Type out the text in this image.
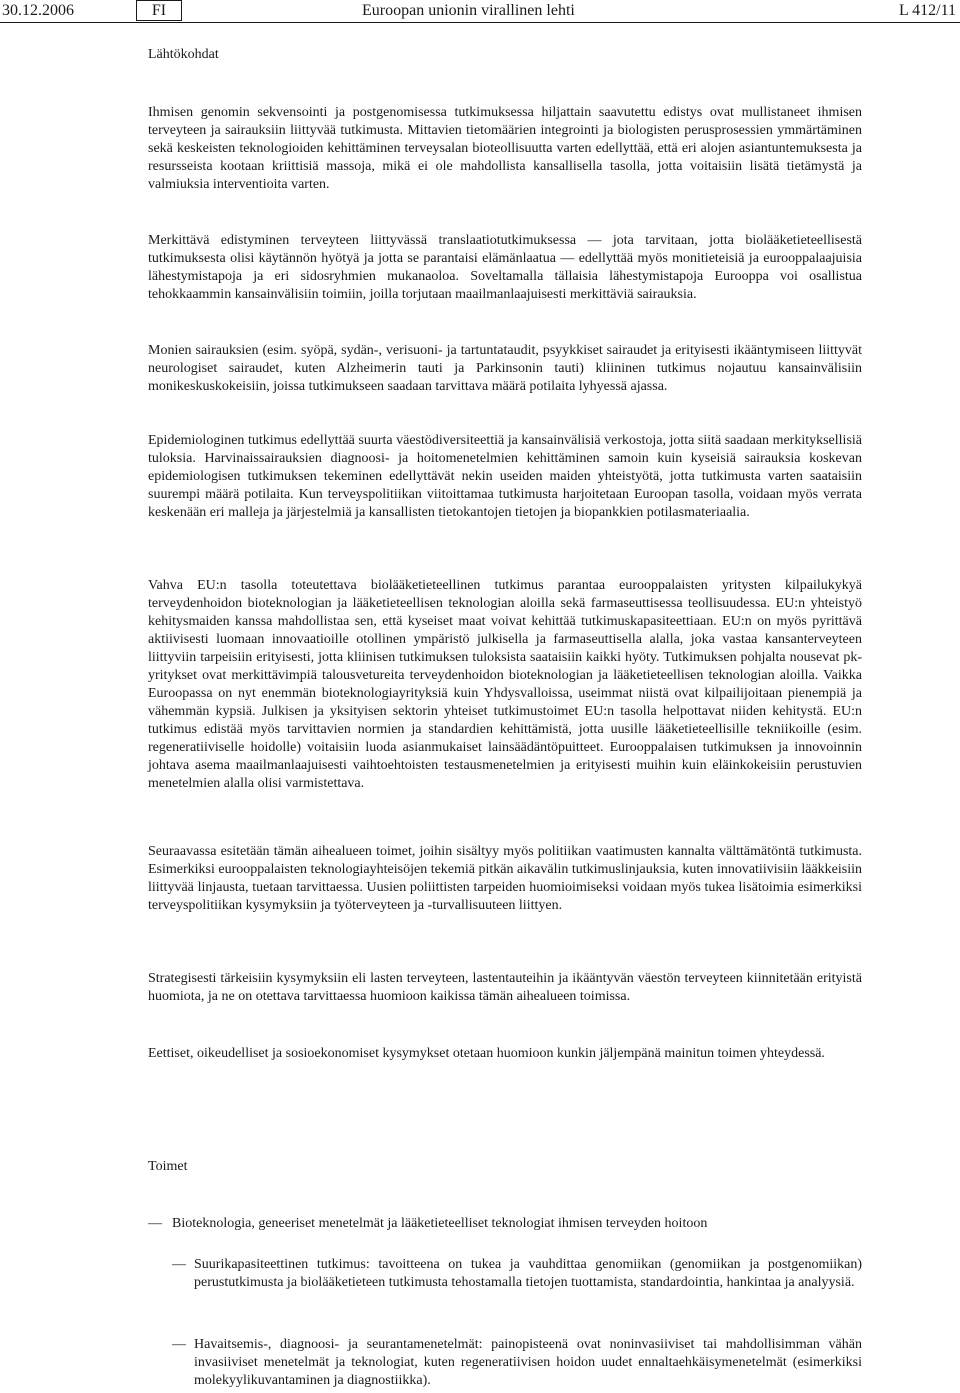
30.12.2006	FI	Euroopan unionin virallinen lehti	L 412/11

Lähtökohdat

Ihmisen genomin sekvensointi ja postgenomisessa tutkimuksessa hiljattain saavutettu edistys ovat mullistaneet ihmisen terveyteen ja sairauksiin liittyvää tutkimusta. Mittavien tietomäärien integrointi ja biologisten perusprosessien ymmärtäminen sekä keskeisten teknologioiden kehittäminen terveysalan bioteollisuutta varten edellyttää, että eri alojen asiantuntemuksesta ja resursseista kootaan kriittisiä massoja, mikä ei ole mahdollista kansallisella tasolla, jotta voitaisiin lisätä tietämystä ja valmiuksia interventioita varten.

Merkittävä edistyminen terveyteen liittyvässä translaatiotutkimuksessa — jota tarvitaan, jotta biolääketieteellisestä tutkimuksesta olisi käytännön hyötyä ja jotta se parantaisi elämänlaatua — edellyttää myös monitieteisiä ja eurooppalaajuisia lähestymistapoja ja eri sidosryhmien mukanaoloa. Soveltamalla tällaisia lähestymistapoja Eurooppa voi osallistua tehokkaammin kansainvälisiin toimiin, joilla torjutaan maailmanlaajuisesti merkittäviä sairauksia.

Monien sairauksien (esim. syöpä, sydän-, verisuoni- ja tartuntataudit, psyykkiset sairaudet ja erityisesti ikääntymiseen liittyvät neurologiset sairaudet, kuten Alzheimerin tauti ja Parkinsonin tauti) kliininen tutkimus nojautuu kansainvälisiin monikeskuskokeisiin, joissa tutkimukseen saadaan tarvittava määrä potilaita lyhyessä ajassa.

Epidemiologinen tutkimus edellyttää suurta väestödiversiteettiä ja kansainvälisiä verkostoja, jotta siitä saadaan merkityksellisiä tuloksia. Harvinaissairauksien diagnoosi- ja hoitomenetelmien kehittäminen samoin kuin kyseisiä sairauksia koskevan epidemiologisen tutkimuksen tekeminen edellyttävät nekin useiden maiden yhteistyötä, jotta tutkimusta varten saataisiin suurempi määrä potilaita. Kun terveyspolitiikan viitoittamaa tutkimusta harjoitetaan Euroopan tasolla, voidaan myös verrata keskenään eri malleja ja järjestelmiä ja kansallisten tietokantojen tietojen ja biopankkien potilasmateriaalia.

Vahva EU:n tasolla toteutettava biolääketieteellinen tutkimus parantaa eurooppalaisten yritysten kilpailukykyä terveydenhoidon bioteknologian ja lääketieteellisen teknologian aloilla sekä farmaseuttisessa teollisuudessa. EU:n yhteistyö kehitysmaiden kanssa mahdollistaa sen, että kyseiset maat voivat kehittää tutkimuskapasiteettiaan. EU:n on myös pyrittävä aktiivisesti luomaan innovaatioille otollinen ympäristö julkisella ja farmaseuttisella alalla, joka vastaa kansanterveyteen liittyviin tarpeisiin erityisesti, jotta kliinisen tutkimuksen tuloksista saataisiin kaikki hyöty. Tutkimuksen pohjalta nousevat pk-yritykset ovat merkittävimpiä talousvetureita terveydenhoidon bioteknologian ja lääketieteellisen teknologian aloilla. Vaikka Euroopassa on nyt enemmän bioteknologiayrityksiä kuin Yhdysvalloissa, useimmat niistä ovat kilpailijoitaan pienempiä ja vähemmän kypsiä. Julkisen ja yksityisen sektorin yhteiset tutkimustoimet EU:n tasolla helpottavat niiden kehitystä. EU:n tutkimus edistää myös tarvittavien normien ja standardien kehittämistä, jotta uusille lääketieteellisille tekniikoille (esim. regeneratiiviselle hoidolle) voitaisiin luoda asianmukaiset lainsäädäntöpuitteet. Eurooppalaisen tutkimuksen ja innovoinnin johtava asema maailmanlaajuisesti vaihtoehtoisten testausmenetelmien ja erityisesti muihin kuin eläinkokeisiin perustuvien menetelmien alalla olisi varmistettava.

Seuraavassa esitetään tämän aihealueen toimet, joihin sisältyy myös politiikan vaatimusten kannalta välttämätöntä tutkimusta. Esimerkiksi eurooppalaisten teknologiayhteisöjen tekemiä pitkän aikavälin tutkimuslinjauksia, kuten innovatiivisiin lääkkeisiin liittyvää linjausta, tuetaan tarvittaessa. Uusien poliittisten tarpeiden huomioimiseksi voidaan myös tukea lisätoimia esimerkiksi terveyspolitiikan kysymyksiin ja työterveyteen ja -turvallisuuteen liittyen.

Strategisesti tärkeisiin kysymyksiin eli lasten terveyteen, lastentauteihin ja ikääntyvän väestön terveyteen kiinnitetään erityistä huomiota, ja ne on otettava tarvittaessa huomioon kaikissa tämän aihealueen toimissa.

Eettiset, oikeudelliset ja sosioekonomiset kysymykset otetaan huomioon kunkin jäljempänä mainitun toimen yhteydessä.

Toimet

— Bioteknologia, geneeriset menetelmät ja lääketieteelliset teknologiat ihmisen terveyden hoitoon
— Suurikapasiteettinen tutkimus: tavoitteena on tukea ja vauhdittaa genomiikan (genomiikan ja postgenomiikan) perustutkimusta ja biolääketieteen tutkimusta tehostamalla tietojen tuottamista, standardointia, hankintaa ja analyysiä.
— Havaitsemis-, diagnoosi- ja seurantamenetelmät: painopisteenä ovat noninvasiiviset tai mahdollisimman vähän invasiiviset menetelmät ja teknologiat, kuten regeneratiivisen hoidon uudet ennaltaehkäisymenetelmät (esimerkiksi molekyylikuvantaminen ja diagnostiikka).
